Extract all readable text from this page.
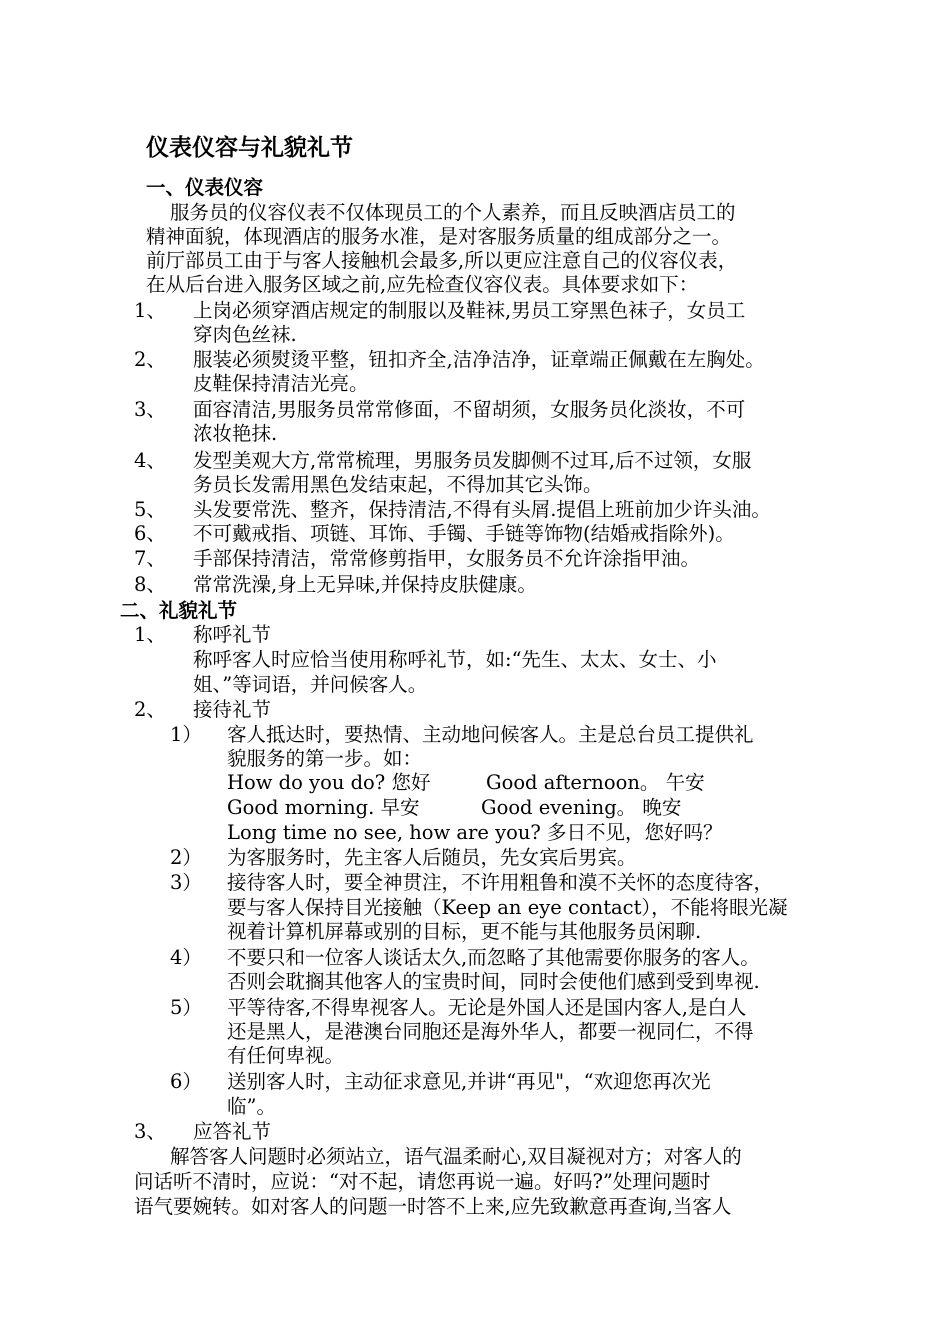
仪表仪容与礼貌礼节
一、仪表仪容
服务员的仪容仪表不仅体现员工的个人素养，而且反映酒店员工的
精神面貌，体现酒店的服务水准，是对客服务质量的组成部分之一。
前厅部员工由于与客人接触机会最多,所以更应注意自己的仪容仪表，
在从后台进入服务区域之前,应先检查仪容仪表。具体要求如下：
1、 上岗必须穿酒店规定的制服以及鞋袜,男员工穿黑色袜子，女员工
穿肉色丝袜.
2、 服装必须熨烫平整，钮扣齐全,洁净洁净，证章端正佩戴在左胸处。
皮鞋保持清洁光亮。
3、 面容清洁,男服务员常常修面，不留胡须，女服务员化淡妆，不可
浓妆艳抹.
4、 发型美观大方,常常梳理，男服务员发脚侧不过耳,后不过领，女服
务员长发需用黑色发结束起，不得加其它头饰。
5、 头发要常洗、整齐，保持清洁,不得有头屑.提倡上班前加少许头油。
6、 不可戴戒指、项链、耳饰、手镯、手链等饰物(结婚戒指除外)。
7、 手部保持清洁，常常修剪指甲，女服务员不允许涂指甲油。
8、 常常洗澡,身上无异味,并保持皮肤健康。
二、礼貌礼节
1、 称呼礼节
称呼客人时应恰当使用称呼礼节，如:“先生、太太、女士、小
姐、”等词语，并问候客人。
2、 接待礼节
1） 客人抵达时，要热情、主动地问候客人。主是总台员工提供礼
貌服务的第一步。如：
How do you do? 您好	Good afternoon。 午安
Good morning. 早安	Good evening。 晚安
Long time no see, how are you? 多日不见，您好吗？
2） 为客服务时，先主客人后随员，先女宾后男宾。
3） 接待客人时，要全神贯注，不许用粗鲁和漠不关怀的态度待客，
要与客人保持目光接触（Keep an eye contact），不能将眼光凝
视着计算机屏幕或别的目标，更不能与其他服务员闲聊.
4） 不要只和一位客人谈话太久,而忽略了其他需要你服务的客人。
否则会耽搁其他客人的宝贵时间，同时会使他们感到受到卑视.
5） 平等待客,不得卑视客人。无论是外国人还是国内客人,是白人
还是黑人，是港澳台同胞还是海外华人，都要一视同仁，不得
有任何卑视。
6） 送别客人时，主动征求意见,并讲“再见"，“欢迎您再次光
临”。
3、 应答礼节
解答客人问题时必须站立，语气温柔耐心,双目凝视对方；对客人的
问话听不清时，应说：“对不起，请您再说一遍。好吗?”处理问题时
语气要婉转。如对客人的问题一时答不上来,应先致歉意再查询,当客人
